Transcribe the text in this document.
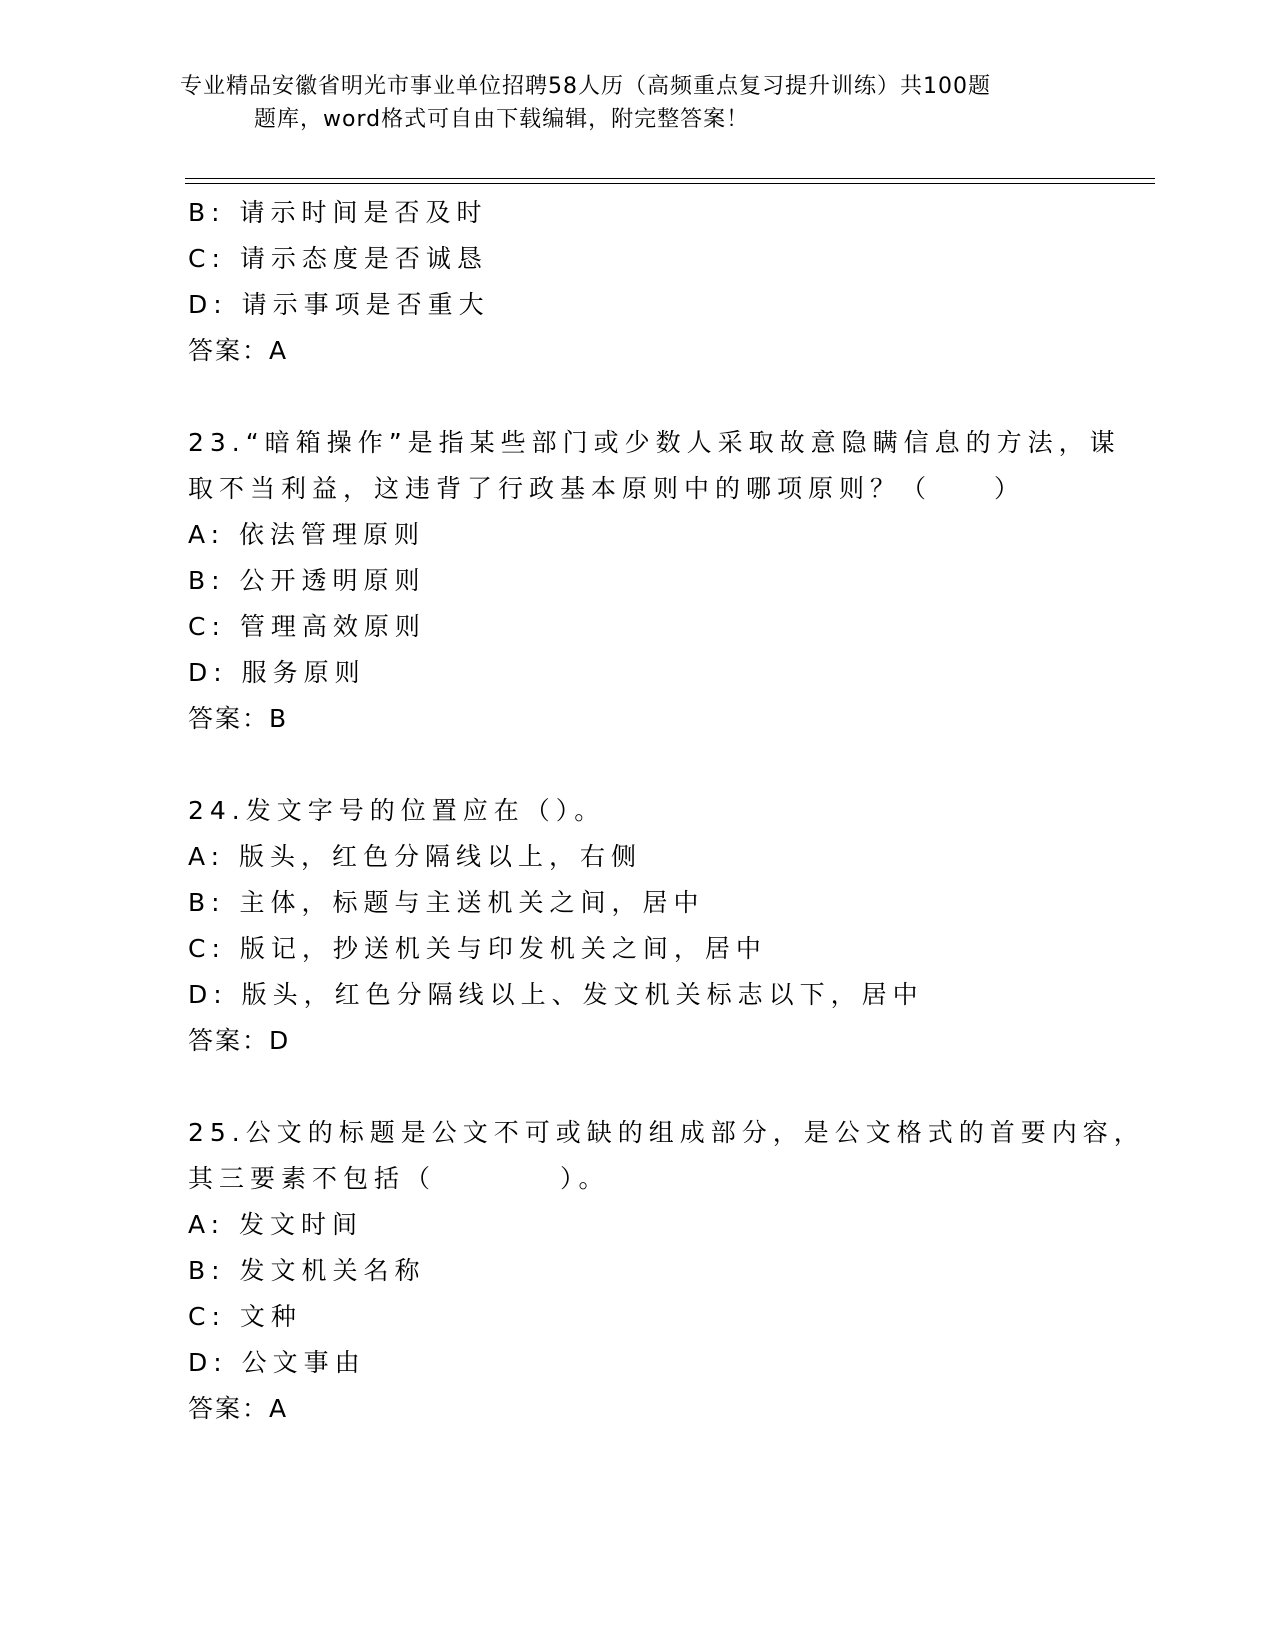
专业精品安徽省明光市事业单位招聘58人历（高频重点复习提升训练）共100题
题库，word格式可自由下载编辑，附完整答案！
B: 请示时间是否及时
C: 请示态度是否诚恳
D: 请示事项是否重大
答案：A
23.“暗箱操作”是指某些部门或少数人采取故意隐瞒信息的方法，谋
取不当利益，这违背了行政基本原则中的哪项原则？（　　）
A: 依法管理原则
B: 公开透明原则
C: 管理高效原则
D: 服务原则
答案：B
24.发文字号的位置应在（）。
A: 版头，红色分隔线以上，右侧
B: 主体，标题与主送机关之间，居中
C: 版记，抄送机关与印发机关之间，居中
D: 版头，红色分隔线以上、发文机关标志以下，居中
答案：D
25.公文的标题是公文不可或缺的组成部分，是公文格式的首要内容，
其三要素不包括（　　　　）。
A: 发文时间
B: 发文机关名称
C: 文种
D: 公文事由
答案：A
